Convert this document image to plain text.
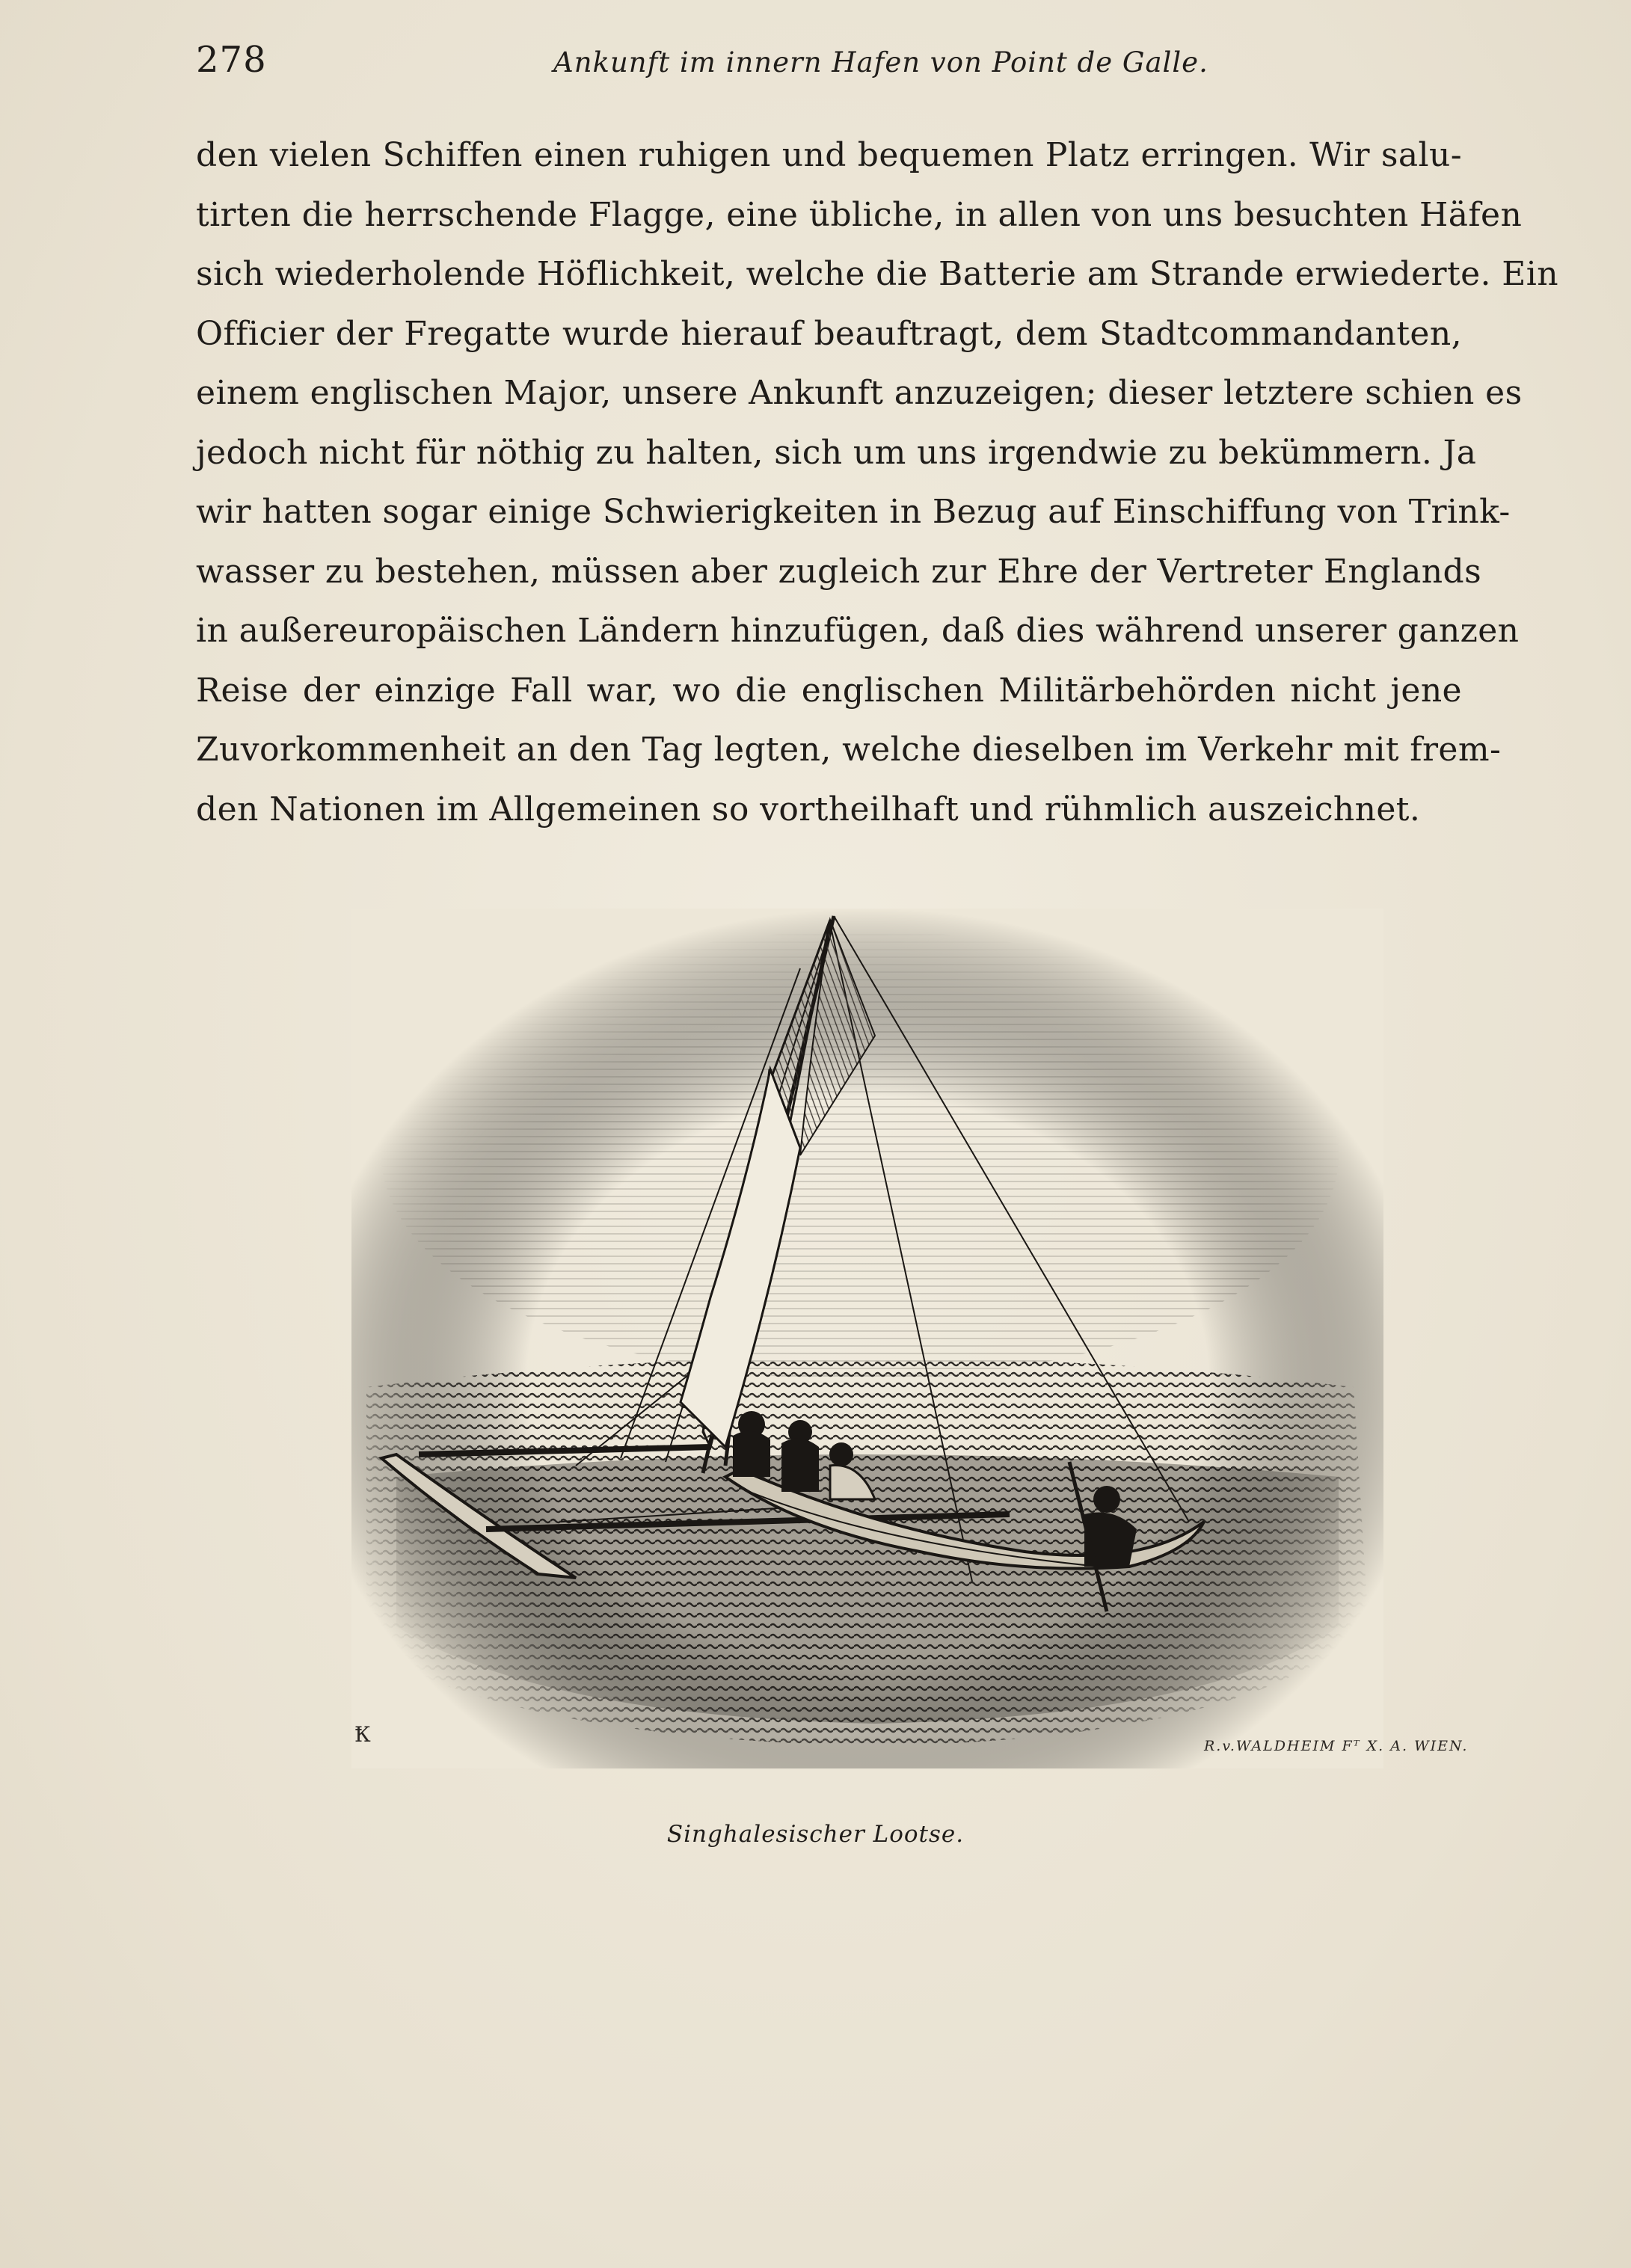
278	Ankunft im innern Hafen von Point de Galle.
den vielen Schiffen einen ruhigen und bequemen Platz erringen. Wir salu-
tirten die herrschende Flagge, eine übliche, in allen von uns besuchten Häfen
sich wiederholende Höflichkeit, welche die Batterie am Strande erwiederte. Ein
Officier der Fregatte wurde hierauf beauftragt, dem Stadtcommandanten,
einem englischen Major, unsere Ankunft anzuzeigen; dieser letztere schien es
jedoch nicht für nöthig zu halten, sich um uns irgendwie zu bekümmern. Ja
wir hatten sogar einige Schwierigkeiten in Bezug auf Einschiffung von Trink-
wasser zu bestehen, müssen aber zugleich zur Ehre der Vertreter Englands
in außereuropäischen Ländern hinzufügen, daß dies während unserer ganzen
Reise der einzige Fall war, wo die englischen Militärbehörden nicht jene
Zuvorkommenheit an den Tag legten, welche dieselben im Verkehr mit frem-
den Nationen im Allgemeinen so vortheilhaft und rühmlich auszeichnet.
Ꝁ	R.v.WALDHEIM Fᵀ X. A. WIEN.
Singhalesischer Lootse.
